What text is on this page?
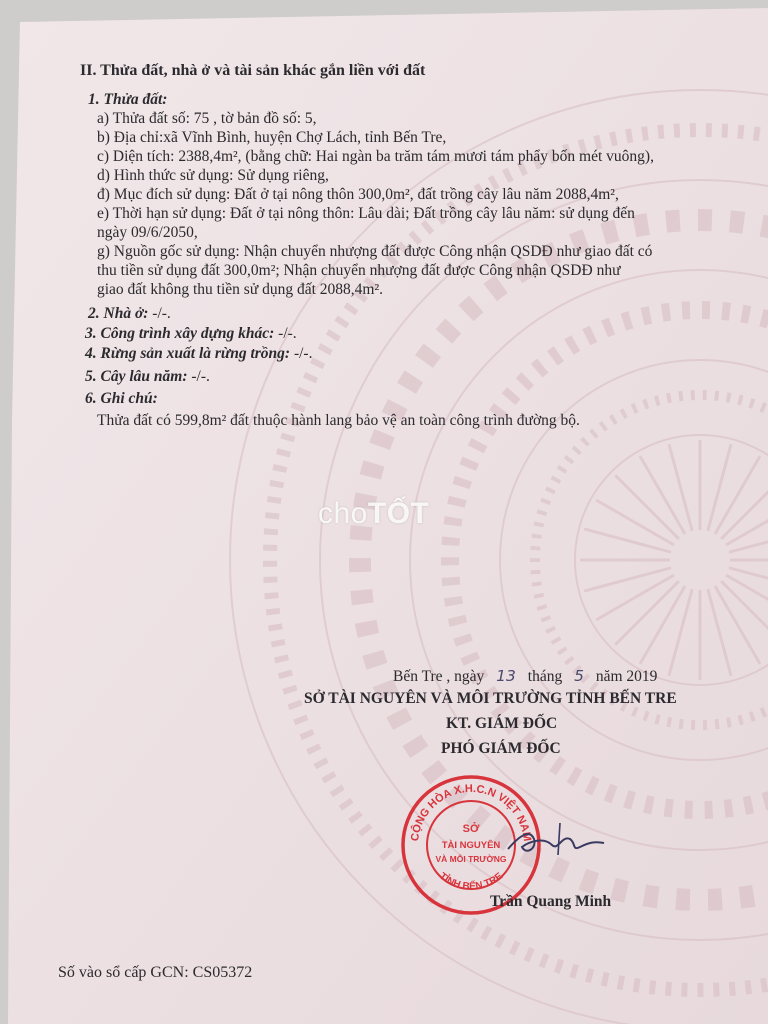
II. Thửa đất, nhà ở và tài sản khác gắn liền với đất
1. Thửa đất:
a) Thửa đất số: 75 , tờ bản đồ số: 5,
b) Địa chỉ:xã Vĩnh Bình, huyện Chợ Lách, tỉnh Bến Tre,
c) Diện tích: 2388,4m², (bằng chữ: Hai ngàn ba trăm tám mươi tám phẩy bốn mét vuông),
d) Hình thức sử dụng: Sử dụng riêng,
đ) Mục đích sử dụng: Đất ở tại nông thôn 300,0m², đất trồng cây lâu năm 2088,4m²,
e) Thời hạn sử dụng: Đất ở tại nông thôn: Lâu dài; Đất trồng cây lâu năm: sử dụng đến
ngày 09/6/2050,
g) Nguồn gốc sử dụng: Nhận chuyển nhượng đất được Công nhận QSDĐ như giao đất có
thu tiền sử dụng đất 300,0m²; Nhận chuyển nhượng đất được Công nhận QSDĐ như
giao đất không thu tiền sử dụng đất 2088,4m².
2. Nhà ở: -/-.
3. Công trình xây dựng khác: -/-.
4. Rừng sản xuất là rừng trồng: -/-.
5. Cây lâu năm: -/-.
6. Ghi chú:
Thửa đất có 599,8m² đất thuộc hành lang bảo vệ an toàn công trình đường bộ.
choTỐT
Bến Tre , ngày 13 tháng 5 năm 2019
SỞ TÀI NGUYÊN VÀ MÔI TRƯỜNG TỈNH BẾN TRE
KT. GIÁM ĐỐC
PHÓ GIÁM ĐỐC
CỘNG HÒA X.H.C.N VIỆT NAM
TỈNH BẾN TRE
SỞ
TÀI NGUYÊN
VÀ MÔI TRƯỜNG
Trần Quang Minh
Số vào sổ cấp GCN: CS05372
